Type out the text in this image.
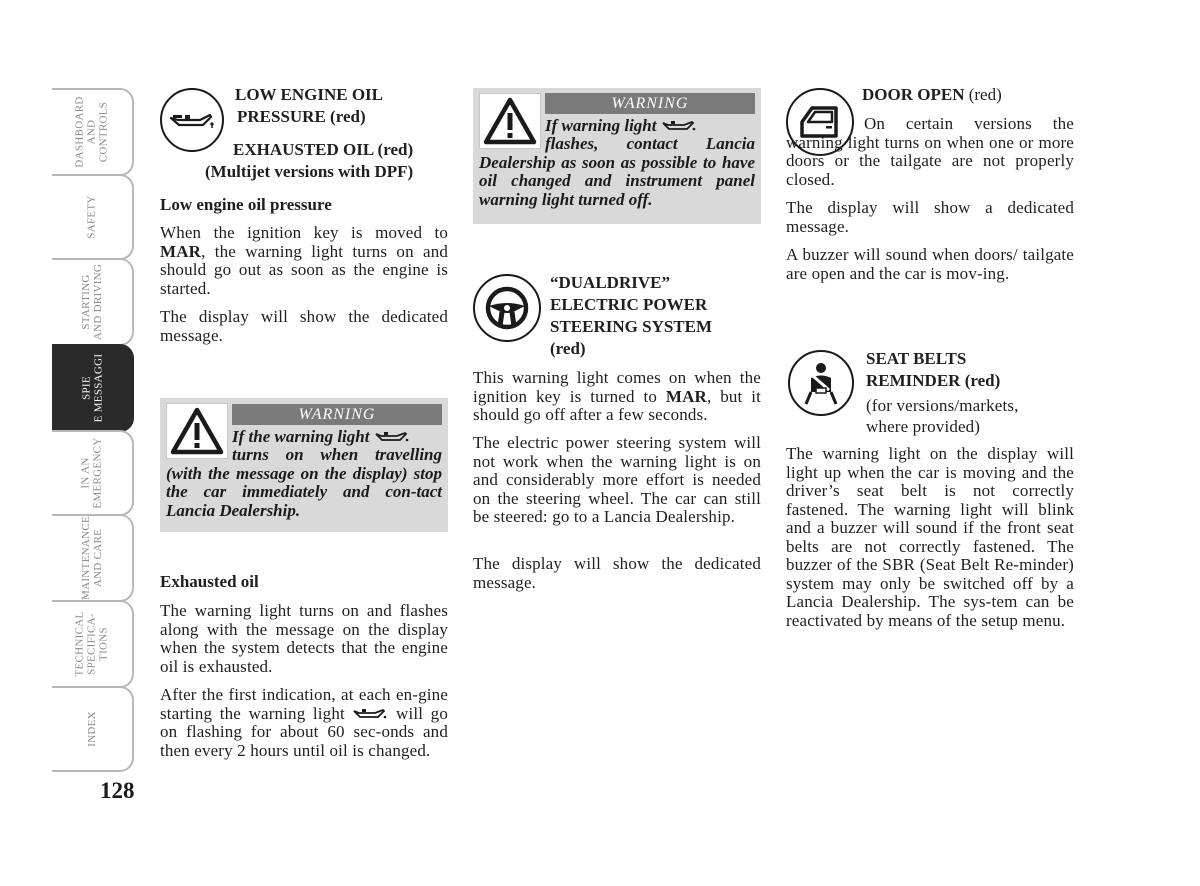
DASHBOARD
AND
CONTROLS
SAFETY
STARTING
AND DRIVING
SPIE
E MESSAGGI
IN AN
EMERGENCY
MAINTENANCE
AND CARE
TECHNICAL
SPECIFICA-
TIONS
INDEX
128
LOW ENGINE OIL
PRESSURE (red)
EXHAUSTED OIL (red)
(Multijet versions with DPF)
Low engine oil pressure
When the ignition key is moved to MAR, the warning light turns on and should go out as soon as the engine is started.
The display will show the dedicated message.
WARNING
If the warning light
turns on when travelling (with the message on the display) stop the car immediately and con-tact Lancia Dealership.
Exhausted oil
The warning light turns on and flashes along with the message on the display when the system detects that the engine oil is exhausted.
After the first indication, at each en-gine starting the warning light	will go on flashing for about 60 sec-onds and then every 2 hours until oil is changed.
WARNING
If warning light
flashes, contact Lancia Dealership as soon as possible to have oil changed and instrument panel warning light turned off.
“DUALDRIVE”
ELECTRIC POWER
STEERING SYSTEM
(red)
This warning light comes on when the ignition key is turned to MAR, but it should go off after a few seconds.
The electric power steering system will not work when the warning light is on and considerably more effort is needed on the steering wheel. The car can still be steered: go to a Lancia Dealership.
The display will show the dedicated message.
DOOR OPEN (red)
On certain versions the warning light turns on when one or more doors or the tailgate are not properly closed.
The display will show a dedicated message.
A buzzer will sound when doors/ tailgate are open and the car is mov-ing.
SEAT BELTS
REMINDER (red)
(for versions/markets,
where provided)
The warning light on the display will light up when the car is moving and the driver’s seat belt is not correctly fastened. The warning light will blink and a buzzer will sound if the front seat belts are not correctly fastened. The buzzer of the SBR (Seat Belt Re-minder) system may only be switched off by a Lancia Dealership. The sys-tem can be reactivated by means of the setup menu.
